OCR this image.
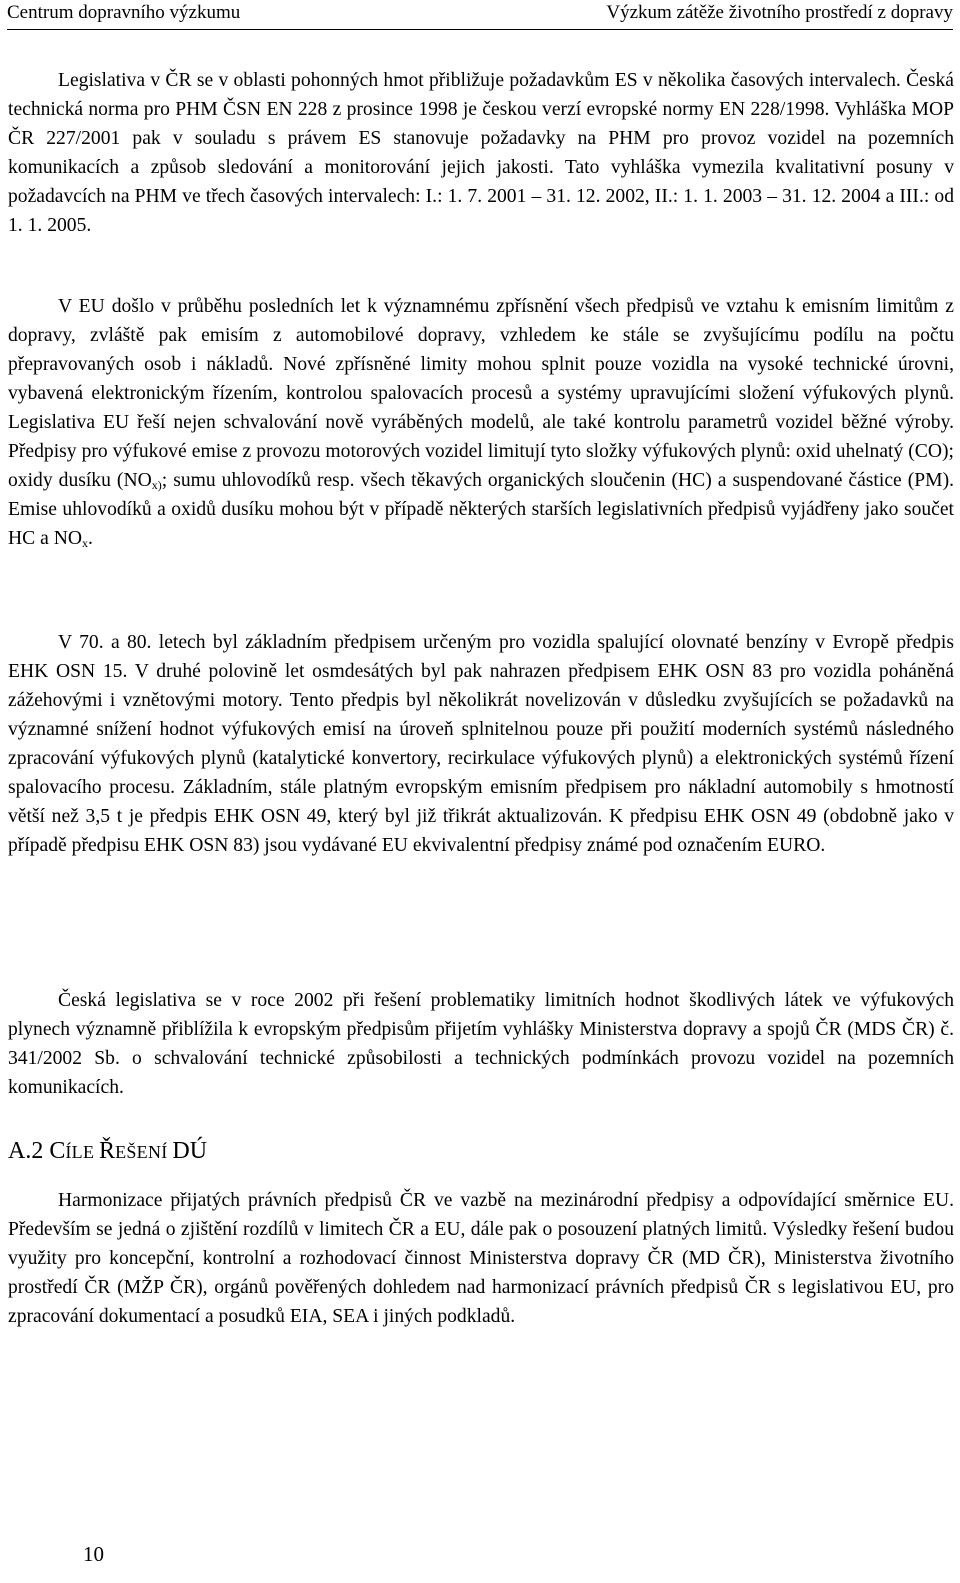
Centrum dopravního výzkumu	Výzkum zátěže životního prostředí z dopravy

Legislativa v ČR se v oblasti pohonných hmot přibližuje požadavkům ES v několika časových intervalech. Česká technická norma pro PHM ČSN EN 228 z prosince 1998 je českou verzí evropské normy EN 228/1998. Vyhláška MOP ČR 227/2001 pak v souladu s právem ES stanovuje požadavky na PHM pro provoz vozidel na pozemních komunikacích a způsob sledování a monitorování jejich jakosti. Tato vyhláška vymezila kvalitativní posuny v požadavcích na PHM ve třech časových intervalech: I.: 1. 7. 2001 – 31. 12. 2002, II.: 1. 1. 2003 – 31. 12. 2004 a III.: od 1. 1. 2005.

V EU došlo v průběhu posledních let k významnému zpřísnění všech předpisů ve vztahu k emisním limitům z dopravy, zvláště pak emisím z automobilové dopravy, vzhledem ke stále se zvyšujícímu podílu na počtu přepravovaných osob i nákladů. Nové zpřísněné limity mohou splnit pouze vozidla na vysoké technické úrovni, vybavená elektronickým řízením, kontrolou spalovacích procesů a systémy upravujícími složení výfukových plynů. Legislativa EU řeší nejen schvalování nově vyráběných modelů, ale také kontrolu parametrů vozidel běžné výroby. Předpisy pro výfukové emise z provozu motorových vozidel limitují tyto složky výfukových plynů: oxid uhelnatý (CO); oxidy dusíku ($NO_{x)}$; sumu uhlovodíků resp. všech těkavých organických sloučenin (HC) a suspendované částice (PM). Emise uhlovodíků a oxidů dusíku mohou být v případě některých starších legislativních předpisů vyjádřeny jako součet HC a $NO_x$.

V 70. a 80. letech byl základním předpisem určeným pro vozidla spalující olovnaté benzíny v Evropě předpis EHK OSN 15. V druhé polovině let osmdesátých byl pak nahrazen předpisem EHK OSN 83 pro vozidla poháněná zážehovými i vznětovými motory. Tento předpis byl několikrát novelizován v důsledku zvyšujících se požadavků na významné snížení hodnot výfukových emisí na úroveň splnitelnou pouze při použití moderních systémů následného zpracování výfukových plynů (katalytické konvertory, recirkulace výfukových plynů) a elektronických systémů řízení spalovacího procesu. Základním, stále platným evropským emisním předpisem pro nákladní automobily s hmotností větší než 3,5 t je předpis EHK OSN 49, který byl již třikrát aktualizován. K předpisu EHK OSN 49 (obdobně jako v případě předpisu EHK OSN 83) jsou vydávané EU ekvivalentní předpisy známé pod označením EURO.

Česká legislativa se v roce 2002 při řešení problematiky limitních hodnot škodlivých látek ve výfukových plynech významně přiblížila k evropským předpisům přijetím vyhlášky Ministerstva dopravy a spojů ČR (MDS ČR) č. 341/2002 Sb. o schvalování technické způsobilosti a technických podmínkách provozu vozidel na pozemních komunikacích.

A.2 CÍLE ŘEŠENÍ DÚ

Harmonizace přijatých právních předpisů ČR ve vazbě na mezinárodní předpisy a odpovídající směrnice EU. Především se jedná o zjištění rozdílů v limitech ČR a EU, dále pak o posouzení platných limitů. Výsledky řešení budou využity pro koncepční, kontrolní a rozhodovací činnost Ministerstva dopravy ČR (MD ČR), Ministerstva životního prostředí ČR (MŽP ČR), orgánů pověřených dohledem nad harmonizací právních předpisů ČR s legislativou EU, pro zpracování dokumentací a posudků EIA, SEA i jiných podkladů.

10
